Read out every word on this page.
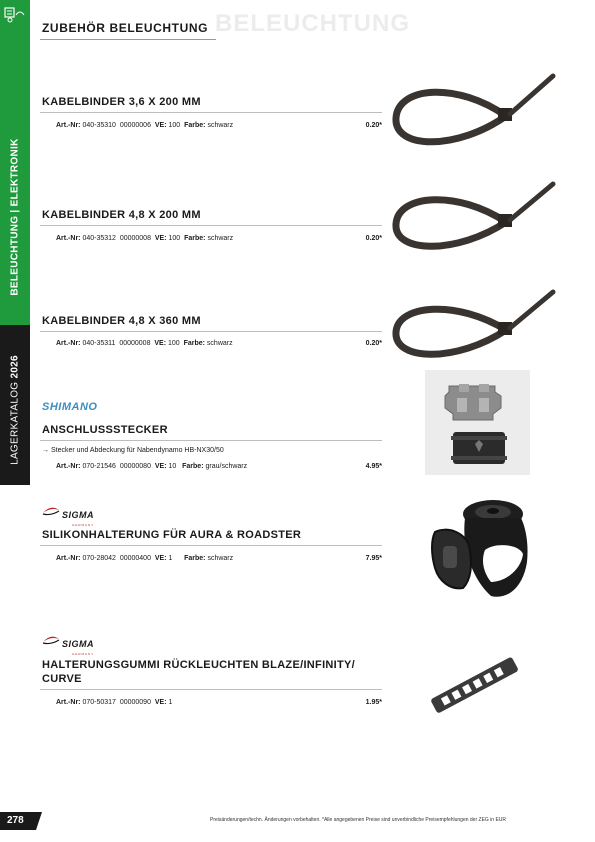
BELEUCHTUNG | ELEKTRONIK
LAGERKATALOG 2026
BELEUCHTUNG
ZUBEHÖR BELEUCHTUNG
KABELBINDER 3,6 X 200 MM
Art.-Nr: 040-35310 00000006 VE: 100 Farbe: schwarz	0.20*
KABELBINDER 4,8 X 200 MM
Art.-Nr: 040-35312 00000008 VE: 100 Farbe: schwarz	0.20*
KABELBINDER 4,8 X 360 MM
Art.-Nr: 040-35311 00000008 VE: 100 Farbe: schwarz	0.20*
SHIMANO
ANSCHLUSSSTECKER
→ Stecker und Abdeckung für Nabendynamo HB-NX30/50
Art.-Nr: 070-21546 00000080 VE: 10 Farbe: grau/schwarz	4.95*
SIGMA
GERMANY
SILIKONHALTERUNG FÜR AURA & ROADSTER
Art.-Nr: 070-28042 00000400 VE: 1 Farbe: schwarz	7.95*
SIGMA
GERMANY
HALTERUNGSGUMMI RÜCKLEUCHTEN BLAZE/INFINITY/ CURVE
Art.-Nr: 070-50317 00000090 VE: 1	1.95*
278	Preisänderungen/techn. Änderungen vorbehalten. *Alle angegebenen Preise sind unverbindliche Preisempfehlungen der ZEG in EUR
